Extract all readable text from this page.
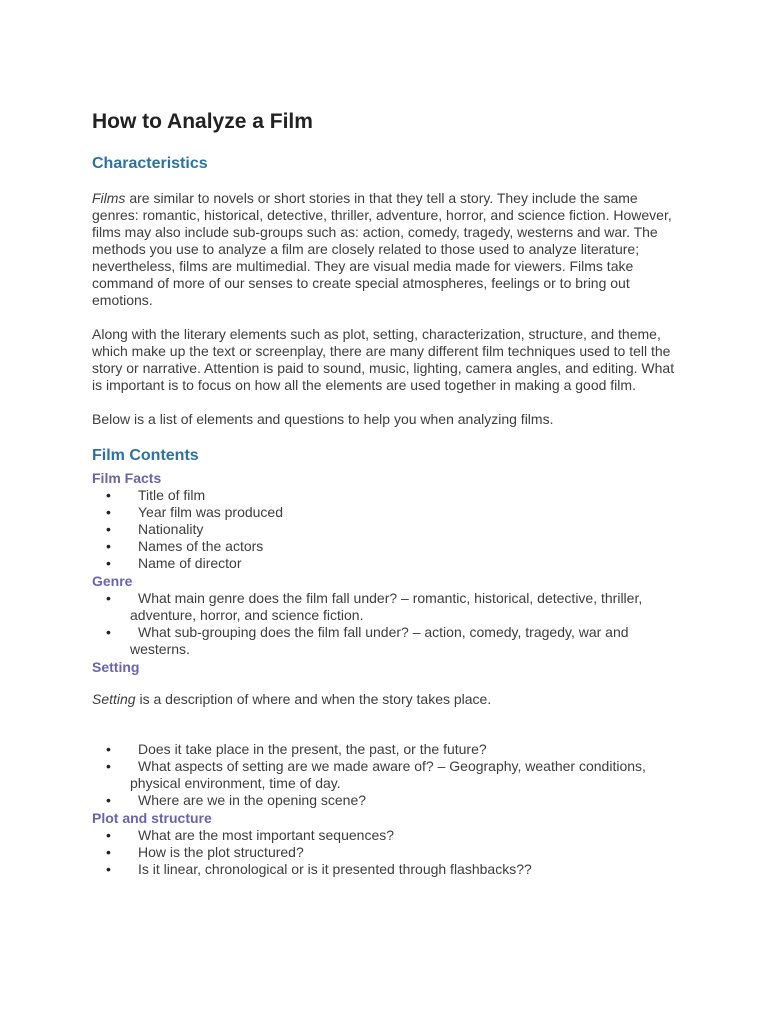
How to Analyze a Film
Characteristics

Films are similar to novels or short stories in that they tell a story. They include the same genres: romantic, historical, detective, thriller, adventure, horror, and science fiction. However, films may also include sub-groups such as: action, comedy, tragedy, westerns and war. The methods you use to analyze a film are closely related to those used to analyze literature; nevertheless, films are multimedial. They are visual media made for viewers. Films take command of more of our senses to create special atmospheres, feelings or to bring out emotions.

Along with the literary elements such as plot, setting, characterization, structure, and theme, which make up the text or screenplay, there are many different film techniques used to tell the story or narrative. Attention is paid to sound, music, lighting, camera angles, and editing. What is important is to focus on how all the elements are used together in making a good film.

Below is a list of elements and questions to help you when analyzing films.

Film Contents
Film Facts
• Title of film
• Year film was produced
• Nationality
• Names of the actors
• Name of director
Genre
• What main genre does the film fall under? – romantic, historical, detective, thriller, adventure, horror, and science fiction.
• What sub-grouping does the film fall under? – action, comedy, tragedy, war and westerns.
Setting

Setting is a description of where and when the story takes place.

• Does it take place in the present, the past, or the future?
• What aspects of setting are we made aware of? – Geography, weather conditions, physical environment, time of day.
• Where are we in the opening scene?
Plot and structure
• What are the most important sequences?
• How is the plot structured?
• Is it linear, chronological or is it presented through flashbacks??
